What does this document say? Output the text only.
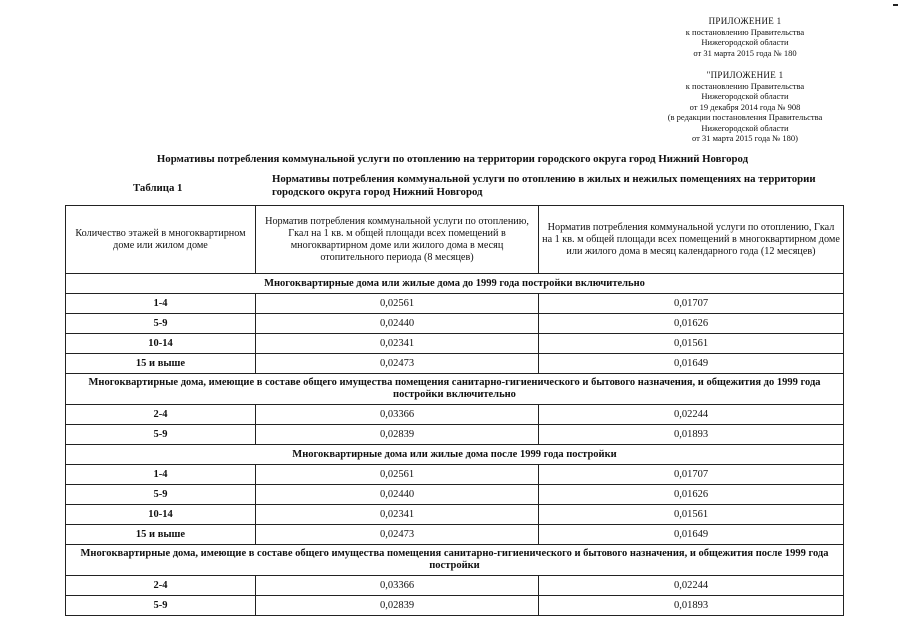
ПРИЛОЖЕНИЕ 1
к постановлению Правительства
Нижегородской области
от 31 марта 2015 года № 180
"ПРИЛОЖЕНИЕ 1
к постановлению Правительства
Нижегородской области
от 19 декабря 2014 года № 908
(в редакции постановления Правительства
Нижегородской области
от 31 марта 2015 года № 180)
Нормативы потребления коммунальной услуги по отоплению на территории городского округа город Нижний Новгород
Таблица 1
Нормативы потребления коммунальной услуги по отоплению в жилых и нежилых помещениях на территории городского округа город Нижний Новгород
Количество этажей в многоквартирном доме или жилом доме	Норматив потребления коммунальной услуги по отоплению, Гкал на 1 кв. м общей площади всех помещений в многоквартирном доме или жилого дома в месяц отопительного периода (8 месяцев)	Норматив потребления коммунальной услуги по отоплению, Гкал на 1 кв. м общей площади всех помещений в многоквартирном доме или жилого дома в месяц календарного года (12 месяцев)
Многоквартирные дома или жилые дома до 1999 года постройки включительно		
1-4	0,02561	0,01707
5-9	0,02440	0,01626
10-14	0,02341	0,01561
15 и выше	0,02473	0,01649
Многоквартирные дома, имеющие в составе общего имущества помещения санитарно-гигиенического и бытового назначения, и общежития до 1999 года постройки включительно		
2-4	0,03366	0,02244
5-9	0,02839	0,01893
Многоквартирные дома или жилые дома после 1999 года постройки		
1-4	0,02561	0,01707
5-9	0,02440	0,01626
10-14	0,02341	0,01561
15 и выше	0,02473	0,01649
Многоквартирные дома, имеющие в составе общего имущества помещения санитарно-гигиенического и бытового назначения, и общежития после 1999 года постройки		
2-4	0,03366	0,02244
5-9	0,02839	0,01893
